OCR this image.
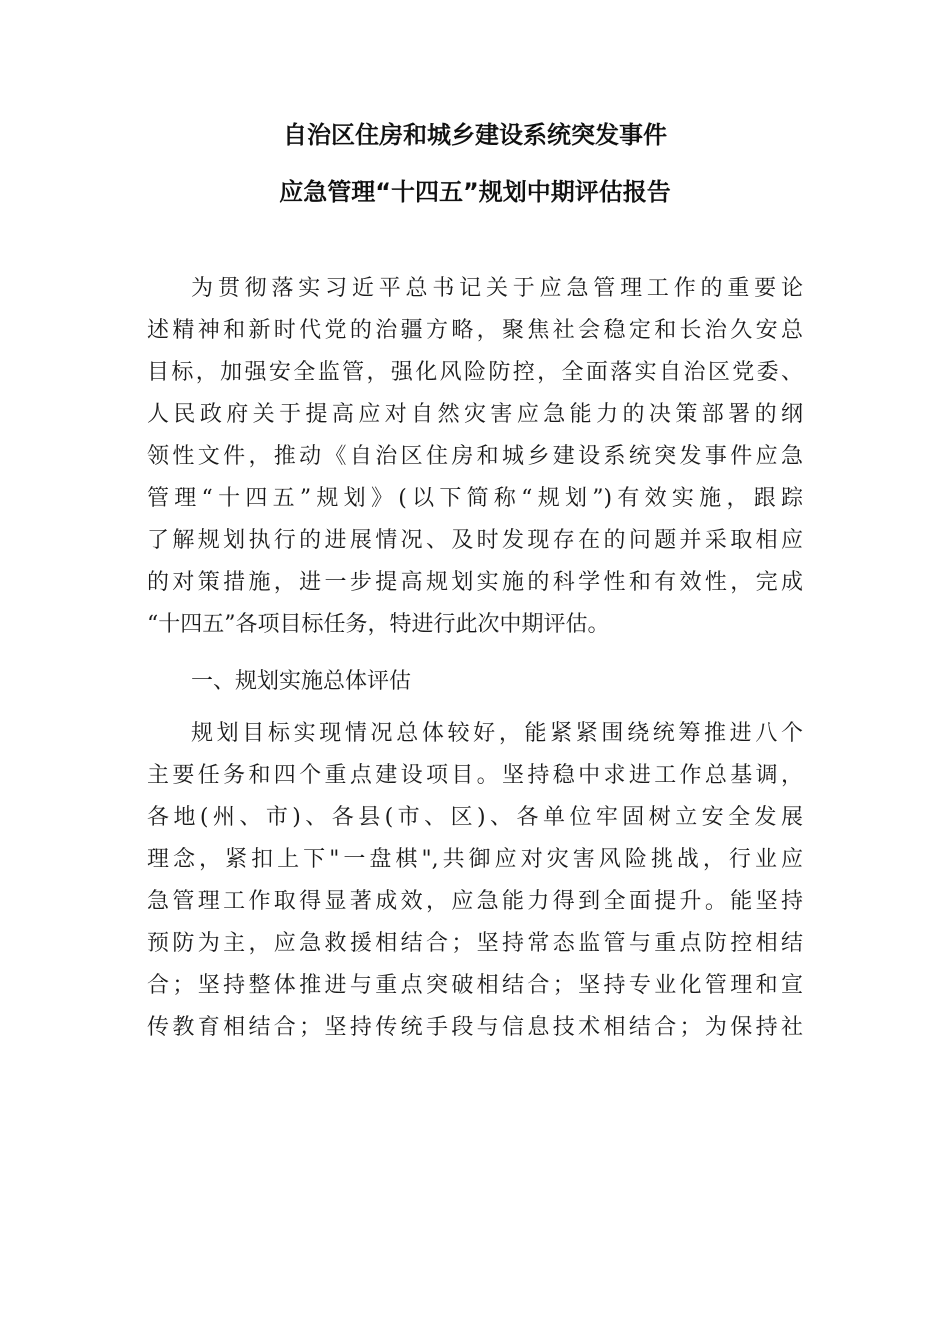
自治区住房和城乡建设系统突发事件
应急管理“十四五”规划中期评估报告
为贯彻落实习近平总书记关于应急管理工作的重要论
述精神和新时代党的治疆方略，聚焦社会稳定和长治久安总
目标，加强安全监管，强化风险防控，全面落实自治区党委、
人民政府关于提高应对自然灾害应急能力的决策部署的纲
领性文件，推动《自治区住房和城乡建设系统突发事件应急
管理“十四五”规划》(以下简称“规划”)有效实施，跟踪
了解规划执行的进展情况、及时发现存在的问题并采取相应
的对策措施，进一步提高规划实施的科学性和有效性，完成
“十四五”各项目标任务，特进行此次中期评估。
一、规划实施总体评估
规划目标实现情况总体较好，能紧紧围绕统筹推进八个
主要任务和四个重点建设项目。坚持稳中求进工作总基调，
各地(州、市)、各县(市、区)、各单位牢固树立安全发展
理念，紧扣上下"一盘棋",共御应对灾害风险挑战，行业应
急管理工作取得显著成效，应急能力得到全面提升。能坚持
预防为主，应急救援相结合；坚持常态监管与重点防控相结
合；坚持整体推进与重点突破相结合；坚持专业化管理和宣
传教育相结合；坚持传统手段与信息技术相结合；为保持社
